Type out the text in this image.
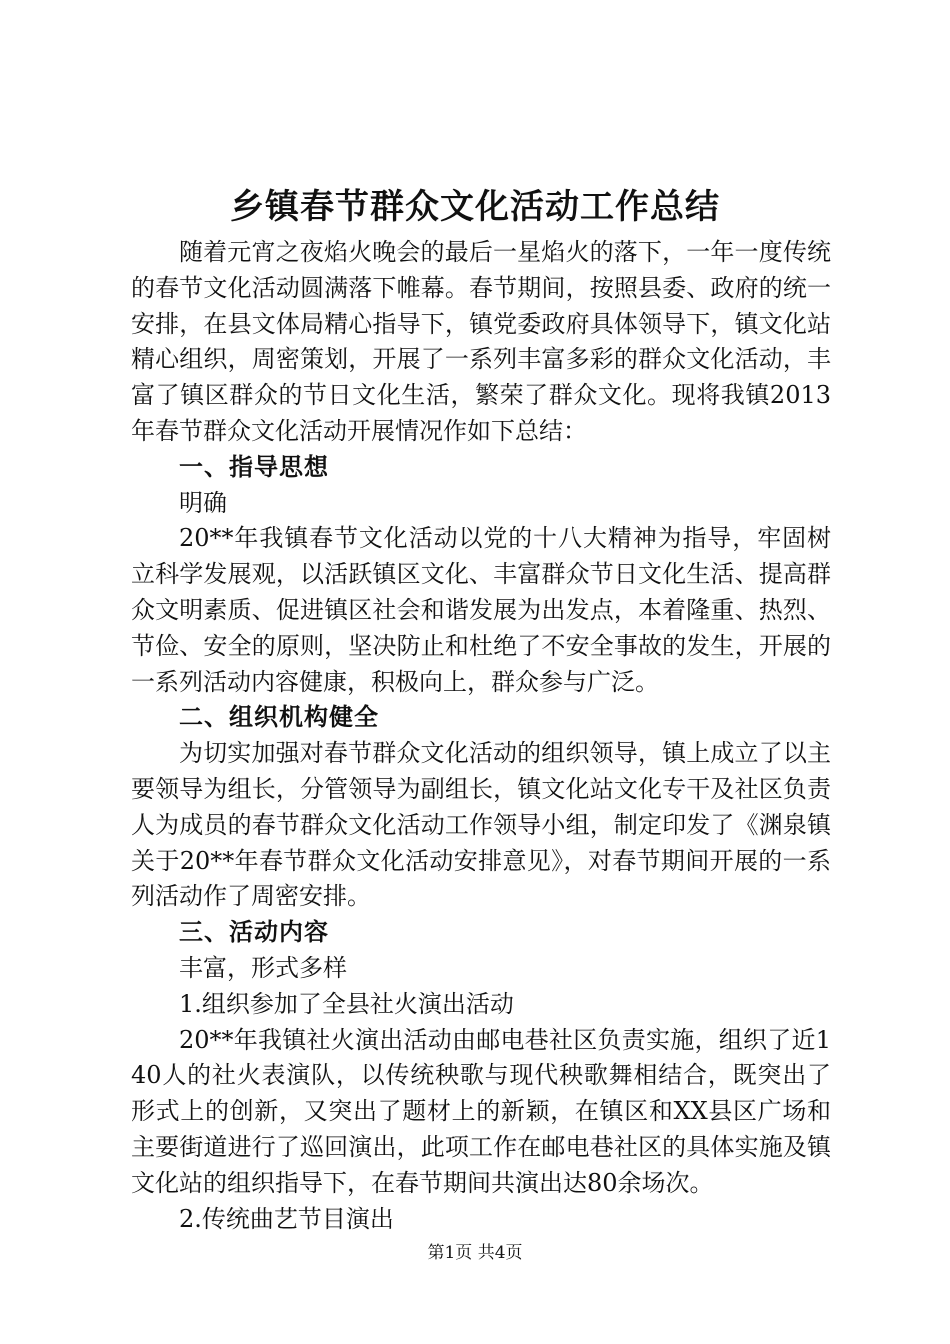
乡镇春节群众文化活动工作总结

随着元宵之夜焰火晚会的最后一星焰火的落下，一年一度传统的春节文化活动圆满落下帷幕。春节期间，按照县委、政府的统一安排，在县文体局精心指导下，镇党委政府具体领导下，镇文化站精心组织，周密策划，开展了一系列丰富多彩的群众文化活动，丰富了镇区群众的节日文化生活，繁荣了群众文化。现将我镇2013年春节群众文化活动开展情况作如下总结：

一、指导思想

明确

20**年我镇春节文化活动以党的十八大精神为指导，牢固树立科学发展观，以活跃镇区文化、丰富群众节日文化生活、提高群众文明素质、促进镇区社会和谐发展为出发点，本着隆重、热烈、节俭、安全的原则，坚决防止和杜绝了不安全事故的发生，开展的一系列活动内容健康，积极向上，群众参与广泛。

二、组织机构健全

为切实加强对春节群众文化活动的组织领导，镇上成立了以主要领导为组长，分管领导为副组长，镇文化站文化专干及社区负责人为成员的春节群众文化活动工作领导小组，制定印发了《渊泉镇关于20**年春节群众文化活动安排意见》，对春节期间开展的一系列活动作了周密安排。

三、活动内容

丰富，形式多样

1.组织参加了全县社火演出活动

20**年我镇社火演出活动由邮电巷社区负责实施，组织了近140人的社火表演队，以传统秧歌与现代秧歌舞相结合，既突出了形式上的创新，又突出了题材上的新颖，在镇区和XX县区广场和主要街道进行了巡回演出，此项工作在邮电巷社区的具体实施及镇文化站的组织指导下，在春节期间共演出达80余场次。

2.传统曲艺节目演出

第1页 共4页
